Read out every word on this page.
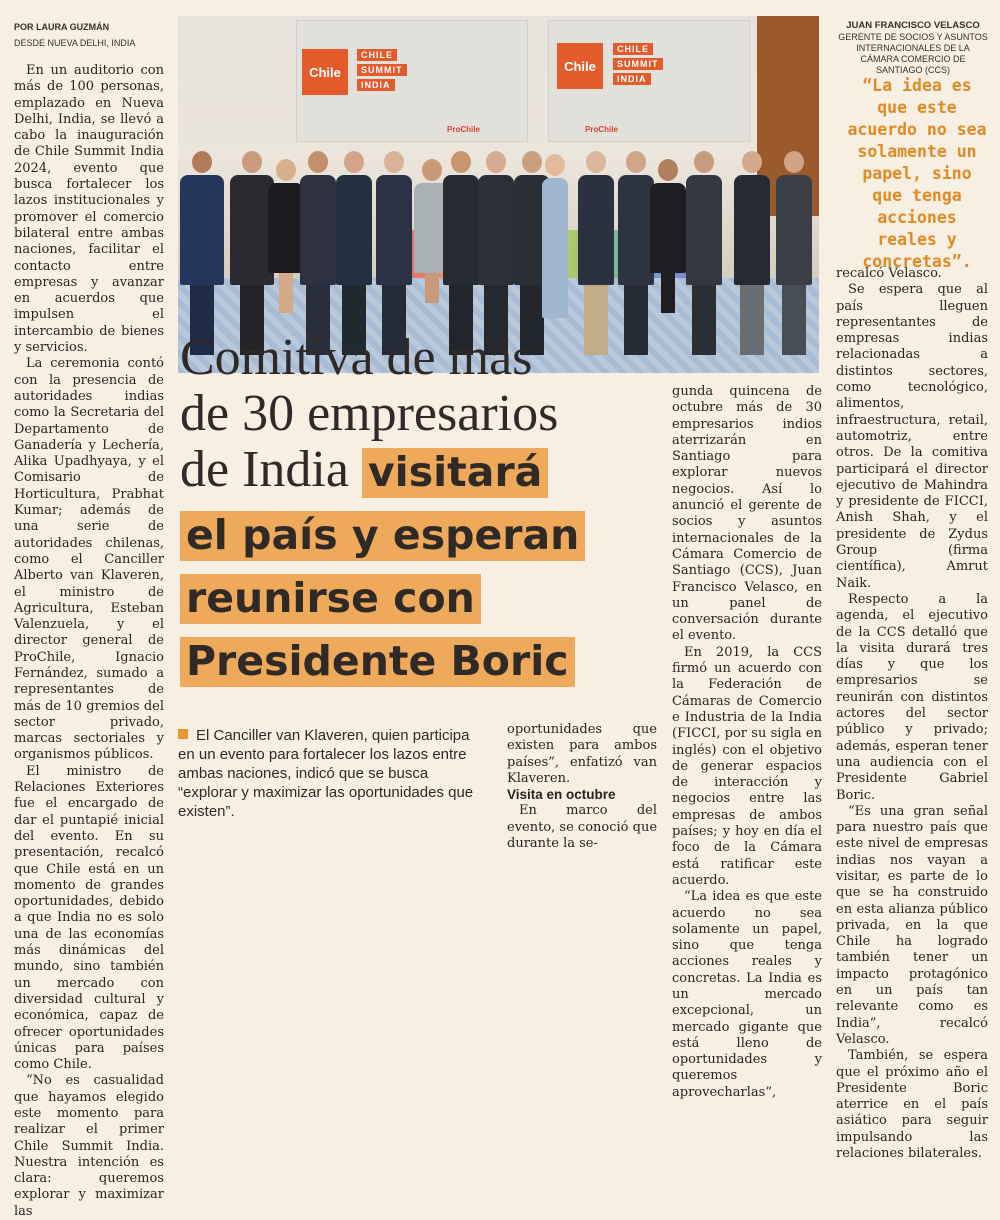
POR LAURA GUZMÁN
DESDE NUEVA DELHI, INDIA

En un auditorio con más de 100 personas, emplazado en Nueva Delhi, India, se llevó a cabo la inauguración de Chile Summit India 2024, evento que busca fortalecer los lazos institucionales y promover el comercio bilateral entre ambas naciones, facilitar el contacto entre empresas y avanzar en acuerdos que impulsen el intercambio de bienes y servicios.

La ceremonia contó con la presencia de autoridades indias como la Secretaria del Departamento de Ganadería y Lechería, Alika Upadhyaya, y el Comisario de Horticultura, Prabhat Kumar; además de una serie de autoridades chilenas, como el Canciller Alberto van Klaveren, el ministro de Agricultura, Esteban Valenzuela, y el director general de ProChile, Ignacio Fernández, sumado a representantes de más de 10 gremios del sector privado, marcas sectoriales y organismos públicos.

El ministro de Relaciones Exteriores fue el encargado de dar el puntapié inicial del evento. En su presentación, recalcó que Chile está en un momento de grandes oportunidades, debido a que India no es solo una de las economías más dinámicas del mundo, sino también un mercado con diversidad cultural y económica, capaz de ofrecer oportunidades únicas para países como Chile.

“No es casualidad que hayamos elegido este momento para realizar el primer Chile Summit India. Nuestra intención es clara: queremos explorar y maximizar las

Chile
CHILE
SUMMIT
INDIA
ProChile
Chile
CHILE
SUMMIT
INDIA
ProChile
JUAN FRANCISCO VELASCO
GERENTE DE SOCIOS Y ASUNTOS INTERNACIONALES DE LA CÁMARA COMERCIO DE SANTIAGO (CCS)
“La idea es que este acuerdo no sea solamente un papel, sino que tenga acciones reales y concretas”.
Comitiva de más
de 30 empresarios
de India visitará
el país y esperan
reunirse con
Presidente Boric
El Canciller van Klaveren, quien participa en un evento para fortalecer los lazos entre ambas naciones, indicó que se busca “explorar y maximizar las oportunidades que existen”.

oportunidades que existen para ambos países”, enfatizó van Klaveren.

Visita en octubre

En marco del evento, se conoció que durante la se-

gunda quincena de octubre más de 30 empresarios indios aterrizarán en Santiago para explorar nuevos negocios. Así lo anunció el gerente de socios y asuntos internacionales de la Cámara Comercio de Santiago (CCS), Juan Francisco Velasco, en un panel de conversación durante el evento.

En 2019, la CCS firmó un acuerdo con la Federación de Cámaras de Comercio e Industria de la India (FICCI, por su sigla en inglés) con el objetivo de generar espacios de interacción y negocios entre las empresas de ambos países; y hoy en día el foco de la Cámara está ratificar este acuerdo.

“La idea es que este acuerdo no sea solamente un papel, sino que tenga acciones reales y concretas. La India es un mercado excepcional, un mercado gigante que está lleno de oportunidades y queremos aprovecharlas”,

recalcó Velasco.

Se espera que al país lleguen representantes de empresas indias relacionadas a distintos sectores, como tecnológico, alimentos, infraestructura, retail, automotriz, entre otros. De la comitiva participará el director ejecutivo de Mahindra y presidente de FICCI, Anish Shah, y el presidente de Zydus Group (firma científica), Amrut Naik.

Respecto a la agenda, el ejecutivo de la CCS detalló que la visita durará tres días y que los empresarios se reunirán con distintos actores del sector público y privado; además, esperan tener una audiencia con el Presidente Gabriel Boric.

“Es una gran señal para nuestro país que este nivel de empresas indias nos vayan a visitar, es parte de lo que se ha construido en esta alianza público privada, en la que Chile ha logrado también tener un impacto protagónico en un país tan relevante como es India”, recalcó Velasco.

También, se espera que el próximo año el Presidente Boric aterrice en el país asiático para seguir impulsando las relaciones bilaterales.
